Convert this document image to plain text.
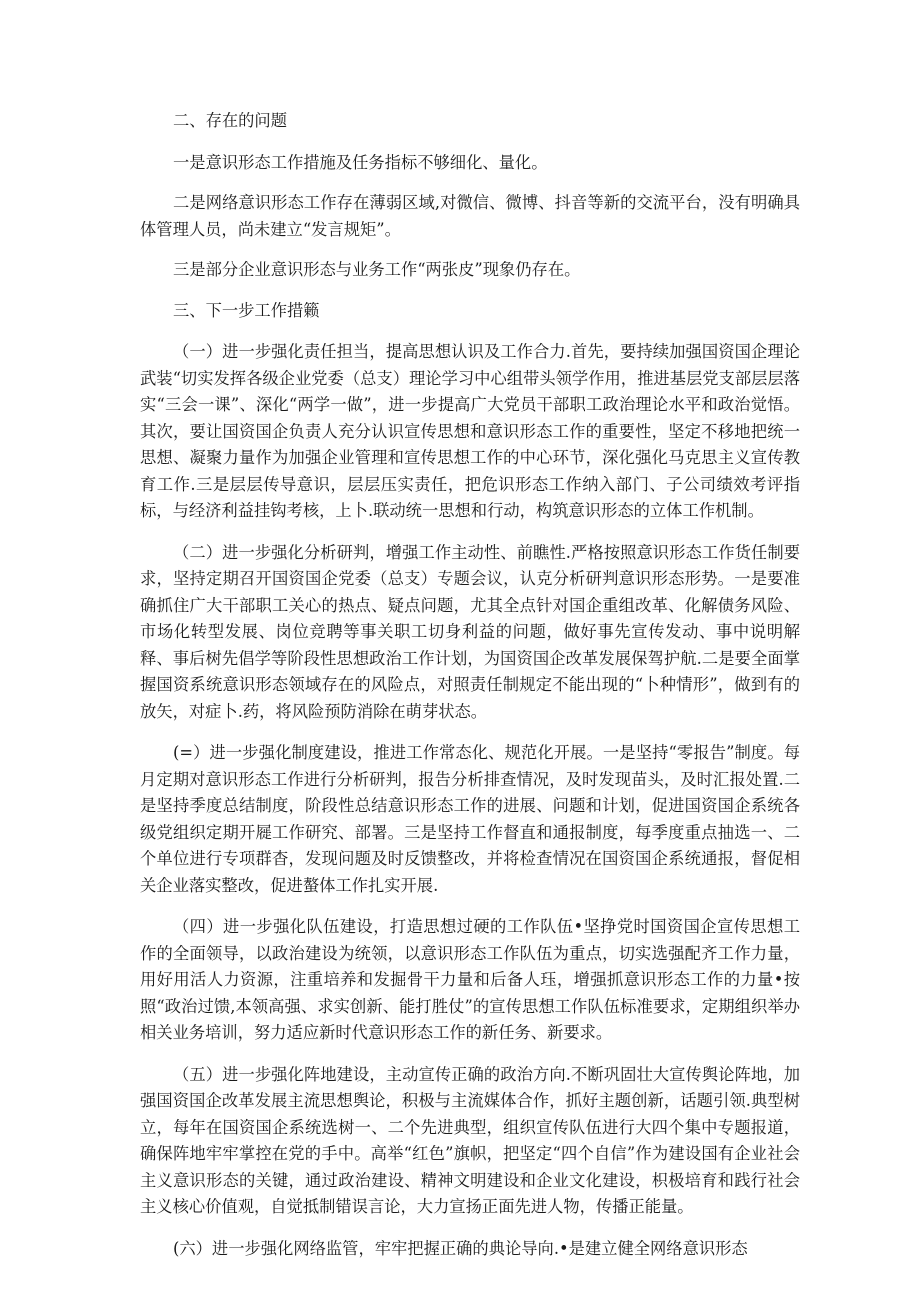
二、存在的问题

一是意识形态工作措施及任务指标不够细化、量化。

二是网络意识形态工作存在薄弱区域,对微信、微博、抖音等新的交流平台，没有明确具体管理人员，尚未建立“发言规矩”。

三是部分企业意识形态与业务工作“两张皮”现象仍存在。

三、下一步工作措籁

（一）进一步强化责任担当，提高思想认识及工作合力.首先，要持续加强国资国企理论武装“切实发挥各级企业党委（总支）理论学习中心组带头领学作用，推进基层党支部层层落实“三会一课”、深化“两学一做”，进一步提高广大党员干部职工政治理论水平和政治觉悟。其次，要让国资国企负责人充分认识宣传思想和意识形态工作的重要性，坚定不移地把统一思想、凝聚力量作为加强企业管理和宣传思想工作的中心环节，深化强化马克思主义宣传教育工作.三是层层传导意识，层层压实责任，把危识形态工作纳入部门、子公司绩效考评指标，与经济利益挂钩考核，上卜.联动统一思想和行动，构筑意识形态的立体工作机制。

（二）进一步强化分析研判，增强工作主动性、前瞧性.严格按照意识形态工作货任制要求，坚持定期召开国资国企党委（总支）专题会议，认克分析研判意识形态形势。一是要准确抓住广大干部职工关心的热点、疑点问题，尤其全点针对国企重组改革、化解债务风险、市场化转型发展、岗位竞聘等事关职工切身利益的问题，做好事先宣传发动、事中说明解释、事后树先倡学等阶段性思想政治工作计划，为国资国企改革发展保驾护航.二是要全面掌握国资系统意识形态领域存在的风险点，对照责任制规定不能出现的“卜种情形”，做到有的放矢，对症卜.药，将风险预防消除在萌芽状态。

(=）进一步强化制度建设，推进工作常态化、规范化开展。一是坚持“零报告”制度。每月定期对意识形态工作进行分析研判，报告分析排查情况，及时发现苗头，及时汇报处置.二是坚持季度总结制度，阶段性总结意识形态工作的进展、问题和计划，促进国资国企系统各级党组织定期开屣工作研究、部署。三是坚持工作督直和通报制度，每季度重点抽选一、二个单位进行专项群杳，发现问题及时反馈整改，并将检查情况在国资国企系统通报，督促相关企业落实整改，促进螯体工作扎实开展.

（四）进一步强化队伍建设，打造思想过硬的工作队伍•坚挣党时国资国企宣传思想工作的全面领导，以政治建设为统领，以意识形态工作队伍为重点，切实选强配齐工作力量，用好用活人力资源，注重培养和发掘骨干力量和后备人珏，增强抓意识形态工作的力量•按照“政治过馈,本领高强、求实创新、能打胜仗”的宣传思想工作队伍标准要求，定期组织举办相关业务培训，努力适应新时代意识形态工作的新任务、新要求。

（五）进一步强化阵地建设，主动宣传正确的政治方向.不断巩固壮大宣传舆论阵地，加强国资国企改革发展主流思想舆论，积极与主流媒体合作，抓好主题创新，话题引领.典型树立，每年在国资国企系统选树一、二个先进典型，组织宣传队伍进行大四个集中专题报道，确保阵地牢牢掌控在党的手中。高举“红色”旗帜，把坚定“四个自信”作为建设国有企业社会主义意识形态的关键，通过政治建设、精神文明建设和企业文化建设，枳极培育和践行社会主义核心价值观，自觉抵制错误言论，大力宣扬正面先进人物，传播正能量。

(六）进一步强化网络监管，牢牢把握正确的典论导向.•是建立健全网络意识形态
